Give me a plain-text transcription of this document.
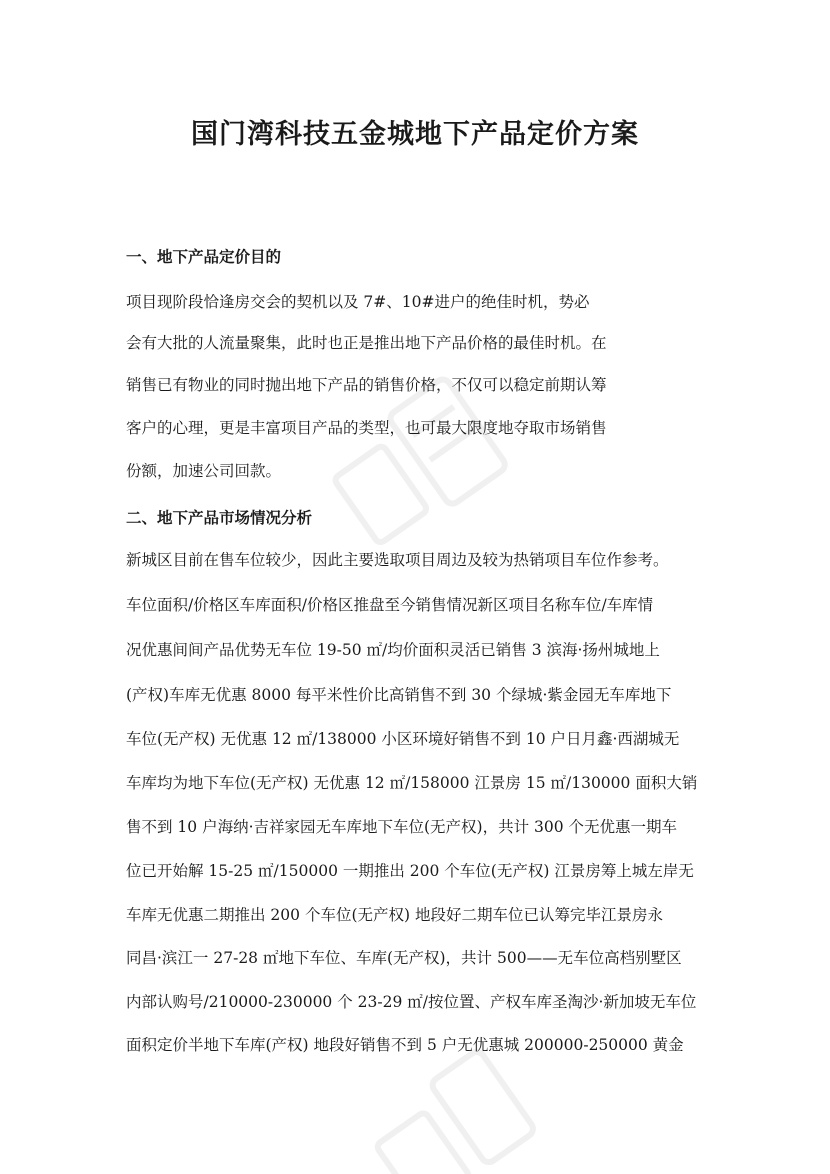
国门湾科技五金城地下产品定价方案
一、地下产品定价目的
项目现阶段恰逢房交会的契机以及 7#、10#进户的绝佳时机，势必
会有大批的人流量聚集，此时也正是推出地下产品价格的最佳时机。在
销售已有物业的同时抛出地下产品的销售价格，不仅可以稳定前期认筹
客户的心理，更是丰富项目产品的类型，也可最大限度地夺取市场销售
份额，加速公司回款。
二、地下产品市场情况分析
新城区目前在售车位较少，因此主要选取项目周边及较为热销项目车位作参考。
车位面积/价格区车库面积/价格区推盘至今销售情况新区项目名称车位/车库情
况优惠间间产品优势无车位 19-50 ㎡/均价面积灵活已销售 3 滨海·扬州城地上
(产权)车库无优惠 8000 每平米性价比高销售不到 30 个绿城·紫金园无车库地下
车位(无产权) 无优惠 12 ㎡/138000 小区环境好销售不到 10 户日月鑫·西湖城无
车库均为地下车位(无产权) 无优惠 12 ㎡/158000 江景房 15 ㎡/130000 面积大销
售不到 10 户海纳·吉祥家园无车库地下车位(无产权)，共计 300 个无优惠一期车
位已开始解 15-25 ㎡/150000 一期推出 200 个车位(无产权) 江景房筹上城左岸无
车库无优惠二期推出 200 个车位(无产权) 地段好二期车位已认筹完毕江景房永
同昌·滨江一 27-28 ㎡地下车位、车库(无产权)，共计 500——无车位高档别墅区
内部认购号/210000-230000 个 23-29 ㎡/按位置、产权车库圣淘沙·新加坡无车位
面积定价半地下车库(产权) 地段好销售不到 5 户无优惠城 200000-250000 黄金
